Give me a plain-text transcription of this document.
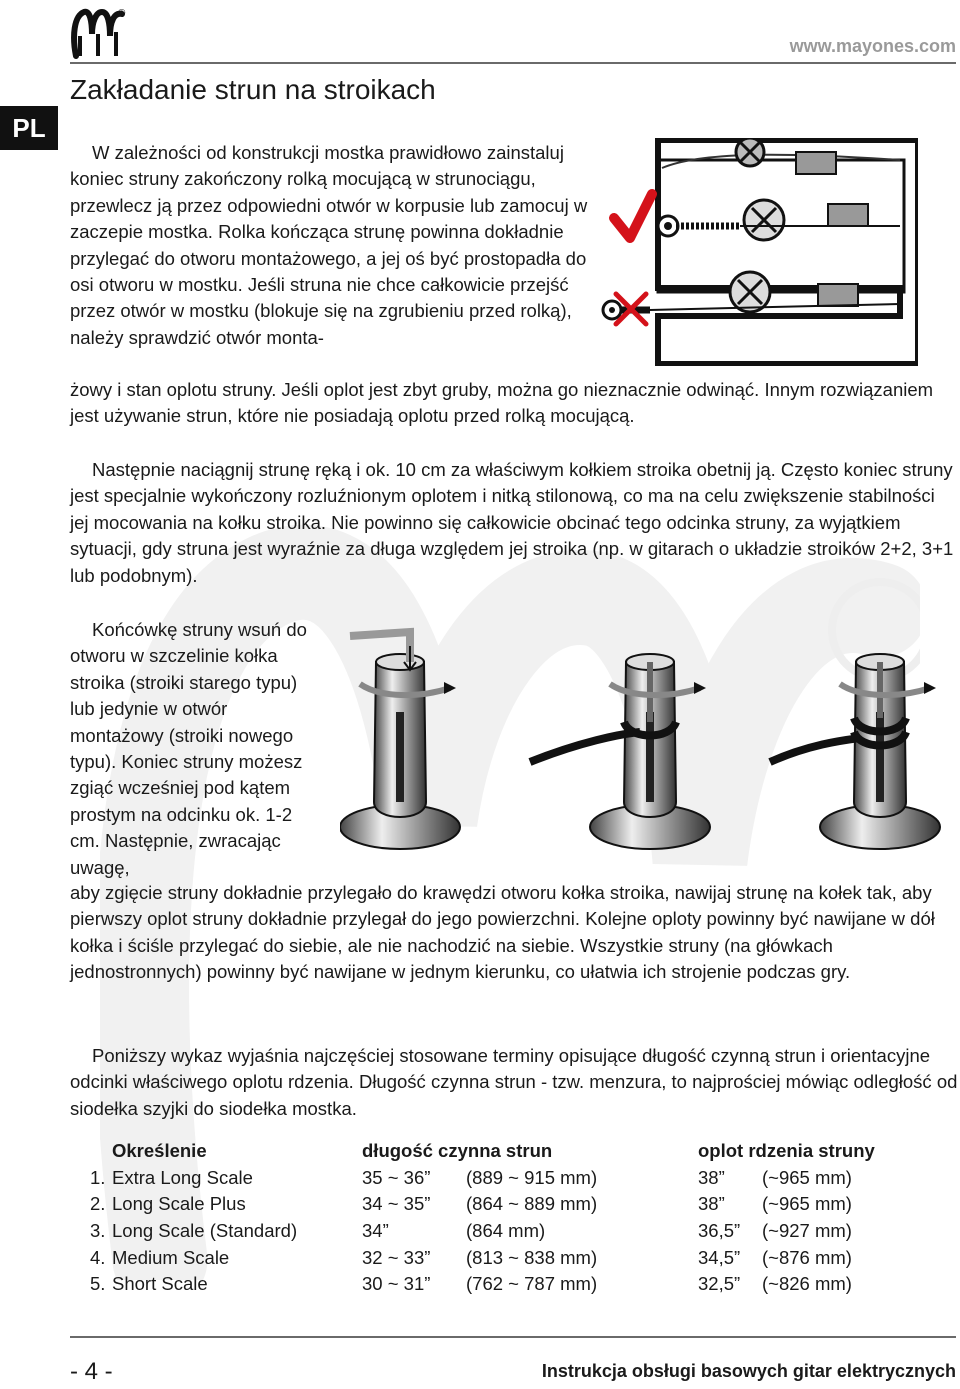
®
www.mayones.com
PL
Zakładanie strun na stroikach

W zależności od konstrukcji mostka prawidłowo zainstaluj koniec struny zakończony rolką mocującą w strunociągu, przewlecz ją przez odpowiedni otwór w korpusie lub zamocuj w zaczepie mostka. Rolka kończąca strunę powinna dokładnie przylegać do otworu montażowego, a jej oś być prostopadła do osi otworu w mostku. Jeśli struna nie chce całkowicie przejść przez otwór w mostku (blokuje się na zgrubieniu przed rolką), należy sprawdzić otwór monta-

żowy i stan oplotu struny. Jeśli oplot jest zbyt gruby, można go nieznacznie odwinąć. Innym rozwiązaniem jest używanie strun, które nie posiadają oplotu przed rolką mocującą.

Następnie naciągnij strunę ręką i ok. 10 cm za właściwym kołkiem stroika obetnij ją. Często koniec struny jest specjalnie wykończony rozluźnionym oplotem i nitką stilonową, co ma na celu zwiększenie stabilności jej mocowania na kołku stroika. Nie powinno się całkowicie obcinać tego odcinka struny, za wyjątkiem sytuacji, gdy struna jest wyraźnie za długa względem jej stroika (np. w gitarach o układzie stroików 2+2, 3+1 lub podobnym).

Końcówkę struny wsuń do otworu w szczelinie kołka stroika (stroiki starego typu) lub jedynie w otwór montażowy (stroiki nowego typu). Koniec struny możesz zgiąć wcześniej pod kątem prostym na odcinku ok. 1-2 cm. Następnie, zwracając uwagę,

aby zgięcie struny dokładnie przylegało do krawędzi otworu kołka stroika, nawijaj strunę na kołek tak, aby pierwszy oplot struny dokładnie przylegał do jego powierzchni. Kolejne oploty powinny być nawijane w dół kołka i ściśle przylegać do siebie, ale nie nachodzić na siebie. Wszystkie struny (na główkach jednostronnych) powinny być nawijane w jednym kierunku, co ułatwia ich strojenie podczas gry.

Poniższy wykaz wyjaśnia najczęściej stosowane terminy opisujące długość czynną strun i orientacyjne odcinki właściwego oplotu rdzenia. Długość czynna strun - tzw. menzura, to najprościej mówiąc odległość od siodełka szyjki do siodełka mostka.

Określenie		długość czynna strun		oplot rdzenia struny	
1.	Extra Long Scale	35 ~ 36”	(889 ~ 915 mm)	38”	(~965 mm)
2.	Long Scale Plus	34 ~ 35”	(864 ~ 889 mm)	38”	(~965 mm)
3.	Long Scale (Standard)	34”	(864 mm)	36,5”	(~927 mm)
4.	Medium Scale	32 ~ 33”	(813 ~ 838 mm)	34,5”	(~876 mm)
5.	Short Scale	30 ~ 31”	(762 ~ 787 mm)	32,5”	(~826 mm)
- 4 -	Instrukcja obsługi basowych gitar elektrycznych
